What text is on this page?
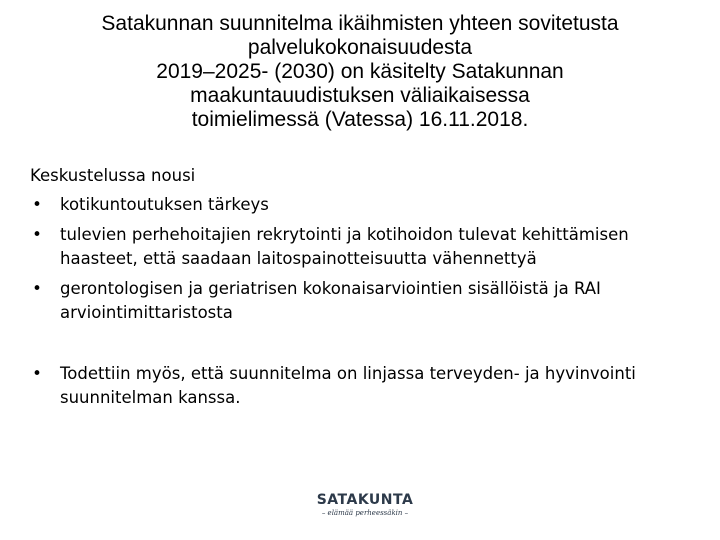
Satakunnan suunnitelma ikäihmisten yhteen sovitetusta
palvelukokonaisuudesta
2019–2025- (2030) on käsitelty Satakunnan
maakuntauudistuksen väliaikaisessa
toimielimessä (Vatessa) 16.11.2018.

Keskustelussa nousi

• kotikuntoutuksen tärkeys
• tulevien perhehoitajien rekrytointi ja kotihoidon tulevat kehittämisen haasteet, että saadaan laitospainotteisuutta vähennettyä
• gerontologisen ja geriatrisen kokonaisarviointien sisällöistä ja RAI arviointimittaristosta
• Todettiin myös, että suunnitelma on linjassa terveyden- ja hyvinvointi suunnitelman kanssa.
SATAKUNTA
– elämää perheessäkin –
